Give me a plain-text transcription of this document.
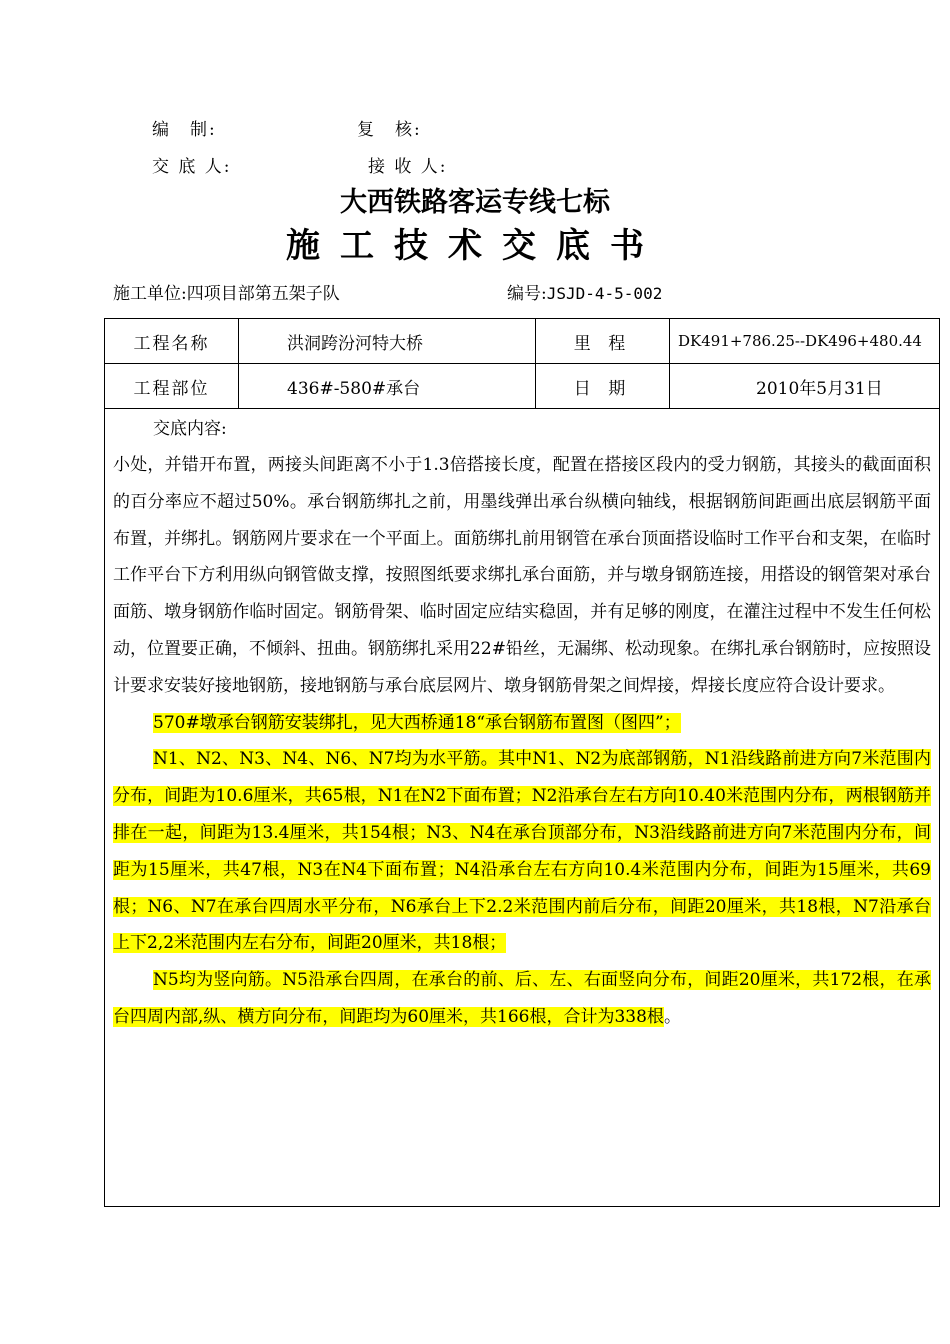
编　制:	复　核:
交 底 人:	接 收 人:
大西铁路客运专线七标
施工技术交底书
施工单位:四项目部第五架子队	编号:JSJD-4-5-002
工程名称	洪洞跨汾河特大桥	里 程	DK491+786.25--DK496+480.44
工程部位	436#-580#承台	日 期	2010年5月31日

交底内容:

小处，并错开布置，两接头间距离不小于1.3倍搭接长度，配置在搭接区段内的受力钢筋，其接头的截面面积的百分率应不超过50%。承台钢筋绑扎之前，用墨线弹出承台纵横向轴线，根据钢筋间距画出底层钢筋平面布置，并绑扎。钢筋网片要求在一个平面上。面筋绑扎前用钢管在承台顶面搭设临时工作平台和支架，在临时工作平台下方利用纵向钢管做支撑，按照图纸要求绑扎承台面筋，并与墩身钢筋连接，用搭设的钢管架对承台面筋、墩身钢筋作临时固定。钢筋骨架、临时固定应结实稳固，并有足够的刚度，在灌注过程中不发生任何松动，位置要正确，不倾斜、扭曲。钢筋绑扎采用22#铅丝，无漏绑、松动现象。在绑扎承台钢筋时，应按照设计要求安装好接地钢筋，接地钢筋与承台底层网片、墩身钢筋骨架之间焊接，焊接长度应符合设计要求。

570#墩承台钢筋安装绑扎，见大西桥通18“承台钢筋布置图（图四”；

N1、N2、N3、N4、N6、N7均为水平筋。其中N1、N2为底部钢筋，N1沿线路前进方向7米范围内分布，间距为10.6厘米，共65根，N1在N2下面布置；N2沿承台左右方向10.40米范围内分布，两根钢筋并排在一起，间距为13.4厘米，共154根；N3、N4在承台顶部分布，N3沿线路前进方向7米范围内分布，间距为15厘米，共47根，N3在N4下面布置；N4沿承台左右方向10.4米范围内分布，间距为15厘米，共69根；N6、N7在承台四周水平分布，N6承台上下2.2米范围内前后分布，间距20厘米，共18根，N7沿承台上下2,2米范围内左右分布，间距20厘米，共18根；

N5均为竖向筋。N5沿承台四周，在承台的前、后、左、右面竖向分布，间距20厘米，共172根，在承台四周内部,纵、横方向分布，间距均为60厘米，共166根，合计为338根。			
